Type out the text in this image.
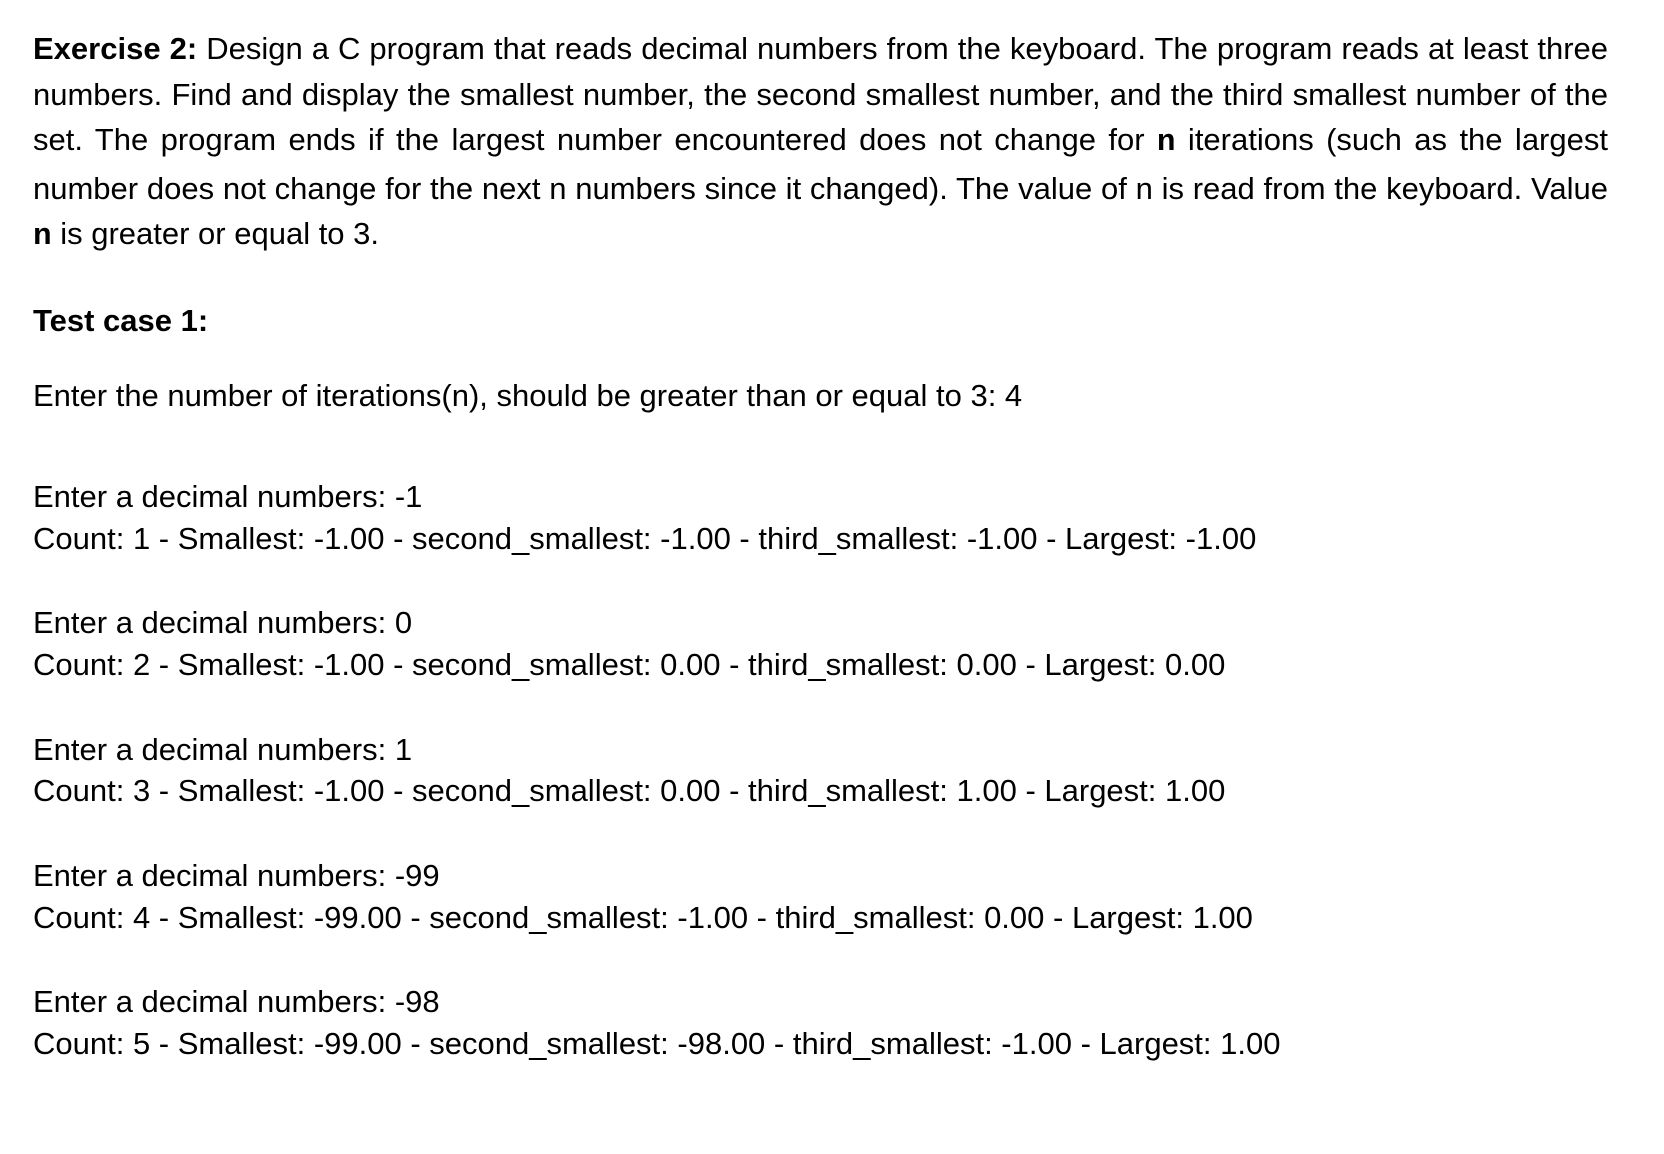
Exercise 2: Design a C program that reads decimal numbers from the keyboard. The program reads at least three numbers. Find and display the smallest number, the second smallest number, and the third smallest number of the set. The program ends if the largest number encountered does not change for n iterations (such as the largest number does not change for the next n numbers since it changed). The value of n is read from the keyboard. Value n is greater or equal to 3.

Test case 1:

Enter the number of iterations(n), should be greater than or equal to 3: 4

Enter a decimal numbers: -1

Count: 1 - Smallest: -1.00 - second_smallest: -1.00 - third_smallest: -1.00 - Largest: -1.00

Enter a decimal numbers: 0

Count: 2 - Smallest: -1.00 - second_smallest: 0.00 - third_smallest: 0.00 - Largest: 0.00

Enter a decimal numbers: 1

Count: 3 - Smallest: -1.00 - second_smallest: 0.00 - third_smallest: 1.00 - Largest: 1.00

Enter a decimal numbers: -99

Count: 4 - Smallest: -99.00 - second_smallest: -1.00 - third_smallest: 0.00 - Largest: 1.00

Enter a decimal numbers: -98

Count: 5 - Smallest: -99.00 - second_smallest: -98.00 - third_smallest: -1.00 - Largest: 1.00
